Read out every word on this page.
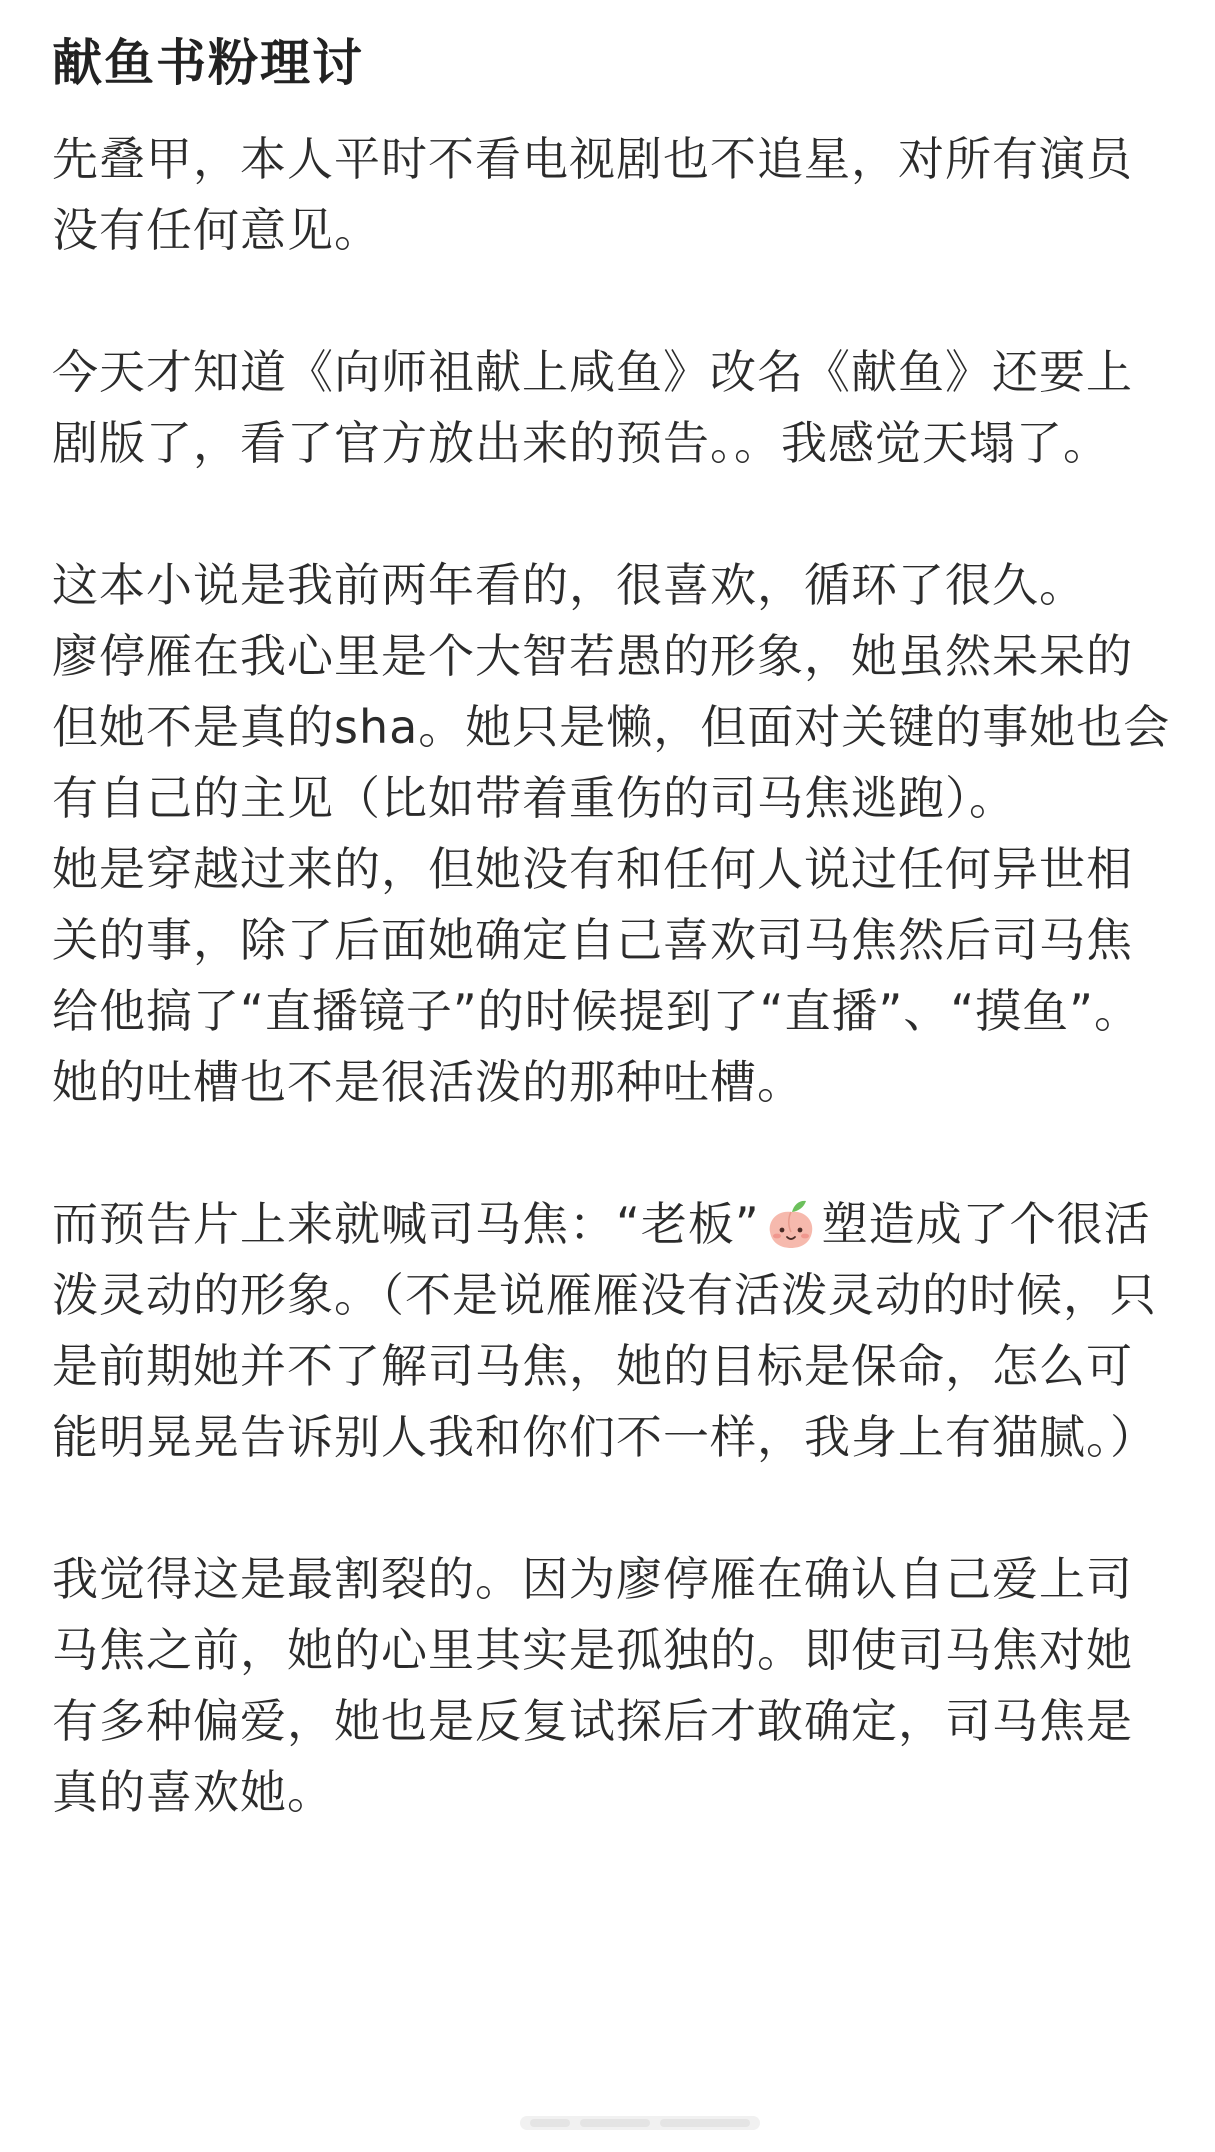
献鱼书粉理讨

先叠甲，本人平时不看电视剧也不追星，对所有演员没有任何意见。

今天才知道《向师祖献上咸鱼》改名《献鱼》还要上剧版了，看了官方放出来的预告。。我感觉天塌了。

这本小说是我前两年看的，很喜欢，循环了很久。
廖停雁在我心里是个大智若愚的形象，她虽然呆呆的但她不是真的sha。她只是懒，但面对关键的事她也会有自己的主见（比如带着重伤的司马焦逃跑）。
她是穿越过来的，但她没有和任何人说过任何异世相关的事，除了后面她确定自己喜欢司马焦然后司马焦给他搞了“直播镜子”的时候提到了“直播”、“摸鱼”。她的吐槽也不是很活泼的那种吐槽。

而预告片上来就喊司马焦：“老板” 塑造成了个很活泼灵动的形象。（不是说雁雁没有活泼灵动的时候，只是前期她并不了解司马焦，她的目标是保命，怎么可能明晃晃告诉别人我和你们不一样，我身上有猫腻。）

我觉得这是最割裂的。因为廖停雁在确认自己爱上司马焦之前，她的心里其实是孤独的。即使司马焦对她有多种偏爱，她也是反复试探后才敢确定，司马焦是真的喜欢她。
